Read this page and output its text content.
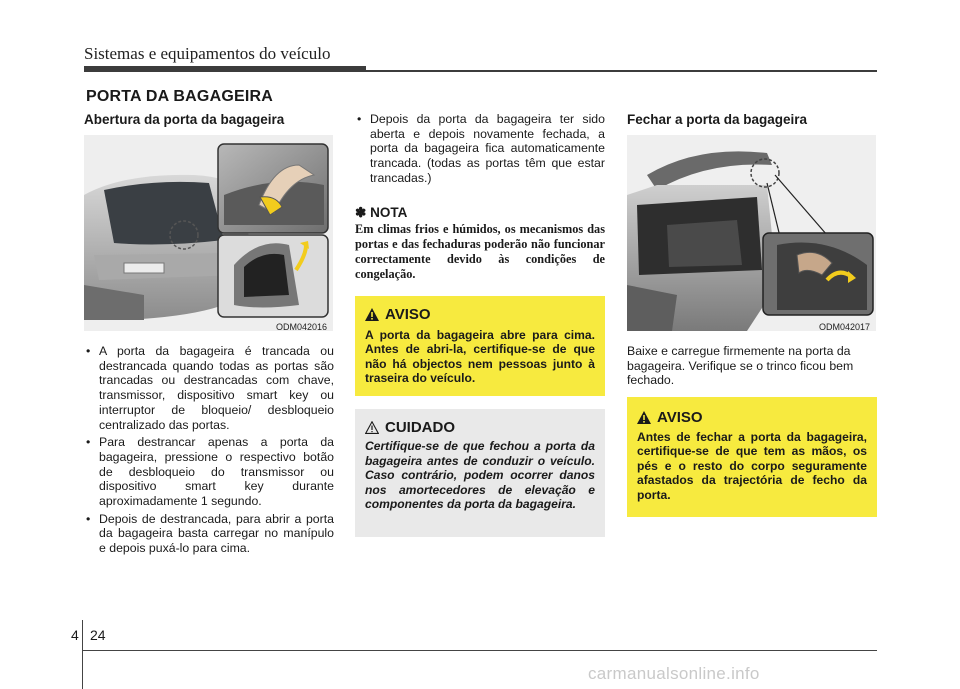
Sistemas e equipamentos do veículo
PORTA DA BAGAGEIRA
Abertura da porta da bagageira
ODM042016
• A porta da bagageira é trancada ou destrancada quando todas as portas são trancadas ou destrancadas com chave, transmissor, dispositivo smart key ou interruptor de bloqueio/ desbloqueio centralizado das portas.
• Para destrancar apenas a porta da bagageira, pressione o respectivo botão de desbloqueio do transmissor ou dispositivo smart key durante aproximadamente 1 segundo.
• Depois de destrancada, para abrir a porta da bagageira basta carregar no manípulo e depois puxá-lo para cima.
• Depois da porta da bagageira ter sido aberta e depois novamente fechada, a porta da bagageira fica automaticamente trancada. (todas as portas têm que estar trancadas.)
✽ NOTA
Em climas frios e húmidos, os mecanismos das portas e das fechaduras poderão não funcionar correctamente devido às condições de congelação.
AVISO
A porta da bagageira abre para cima. Antes de abri-la, certifique-se de que não há objectos nem pessoas junto à traseira do veículo.
CUIDADO
Certifique-se de que fechou a porta da bagageira antes de conduzir o veículo. Caso contrário, podem ocorrer danos nos amortecedores de elevação e componentes da porta da bagageira.
Fechar a porta da bagageira
ODM042017
Baixe e carregue firmemente na porta da bagageira. Verifique se o trinco ficou bem fechado.
AVISO
Antes de fechar a porta da bagageira, certifique-se de que tem as mãos, os pés e o resto do corpo seguramente afastados da trajectória de fecho da porta.
4 24
carmanualsonline.info
